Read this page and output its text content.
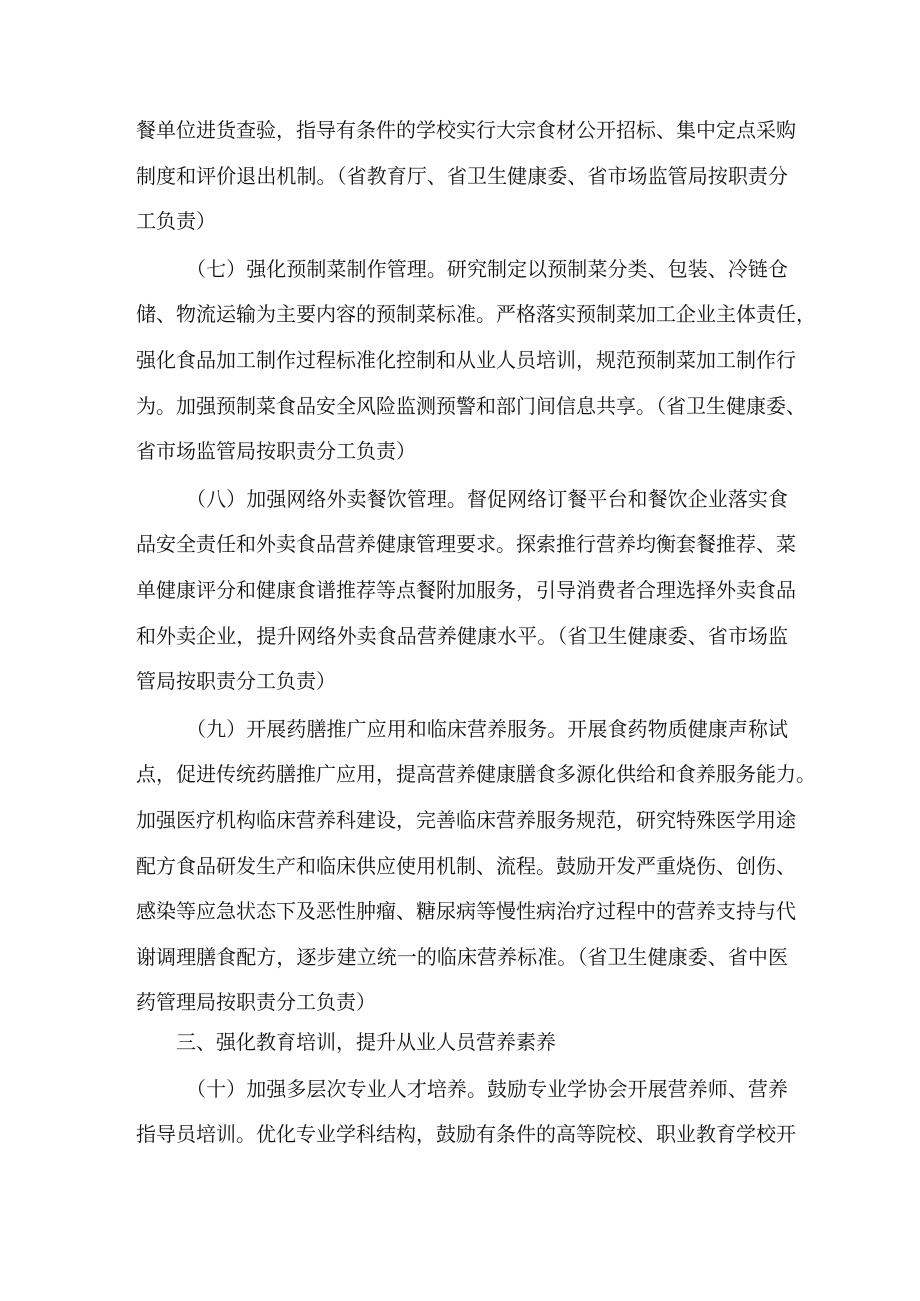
餐单位进货查验，指导有条件的学校实行大宗食材公开招标、集中定点采购
制度和评价退出机制。（省教育厅、省卫生健康委、省市场监管局按职责分
工负责）
（七）强化预制菜制作管理。研究制定以预制菜分类、包装、冷链仓
储、物流运输为主要内容的预制菜标准。严格落实预制菜加工企业主体责任，
强化食品加工制作过程标准化控制和从业人员培训，规范预制菜加工制作行
为。加强预制菜食品安全风险监测预警和部门间信息共享。（省卫生健康委、
省市场监管局按职责分工负责）
（八）加强网络外卖餐饮管理。督促网络订餐平台和餐饮企业落实食
品安全责任和外卖食品营养健康管理要求。探索推行营养均衡套餐推荐、菜
单健康评分和健康食谱推荐等点餐附加服务，引导消费者合理选择外卖食品
和外卖企业，提升网络外卖食品营养健康水平。（省卫生健康委、省市场监
管局按职责分工负责）
（九）开展药膳推广应用和临床营养服务。开展食药物质健康声称试
点，促进传统药膳推广应用，提高营养健康膳食多源化供给和食养服务能力。
加强医疗机构临床营养科建设，完善临床营养服务规范，研究特殊医学用途
配方食品研发生产和临床供应使用机制、流程。鼓励开发严重烧伤、创伤、
感染等应急状态下及恶性肿瘤、糖尿病等慢性病治疗过程中的营养支持与代
谢调理膳食配方，逐步建立统一的临床营养标准。（省卫生健康委、省中医
药管理局按职责分工负责）
三、强化教育培训，提升从业人员营养素养
（十）加强多层次专业人才培养。鼓励专业学协会开展营养师、营养
指导员培训。优化专业学科结构，鼓励有条件的高等院校、职业教育学校开
